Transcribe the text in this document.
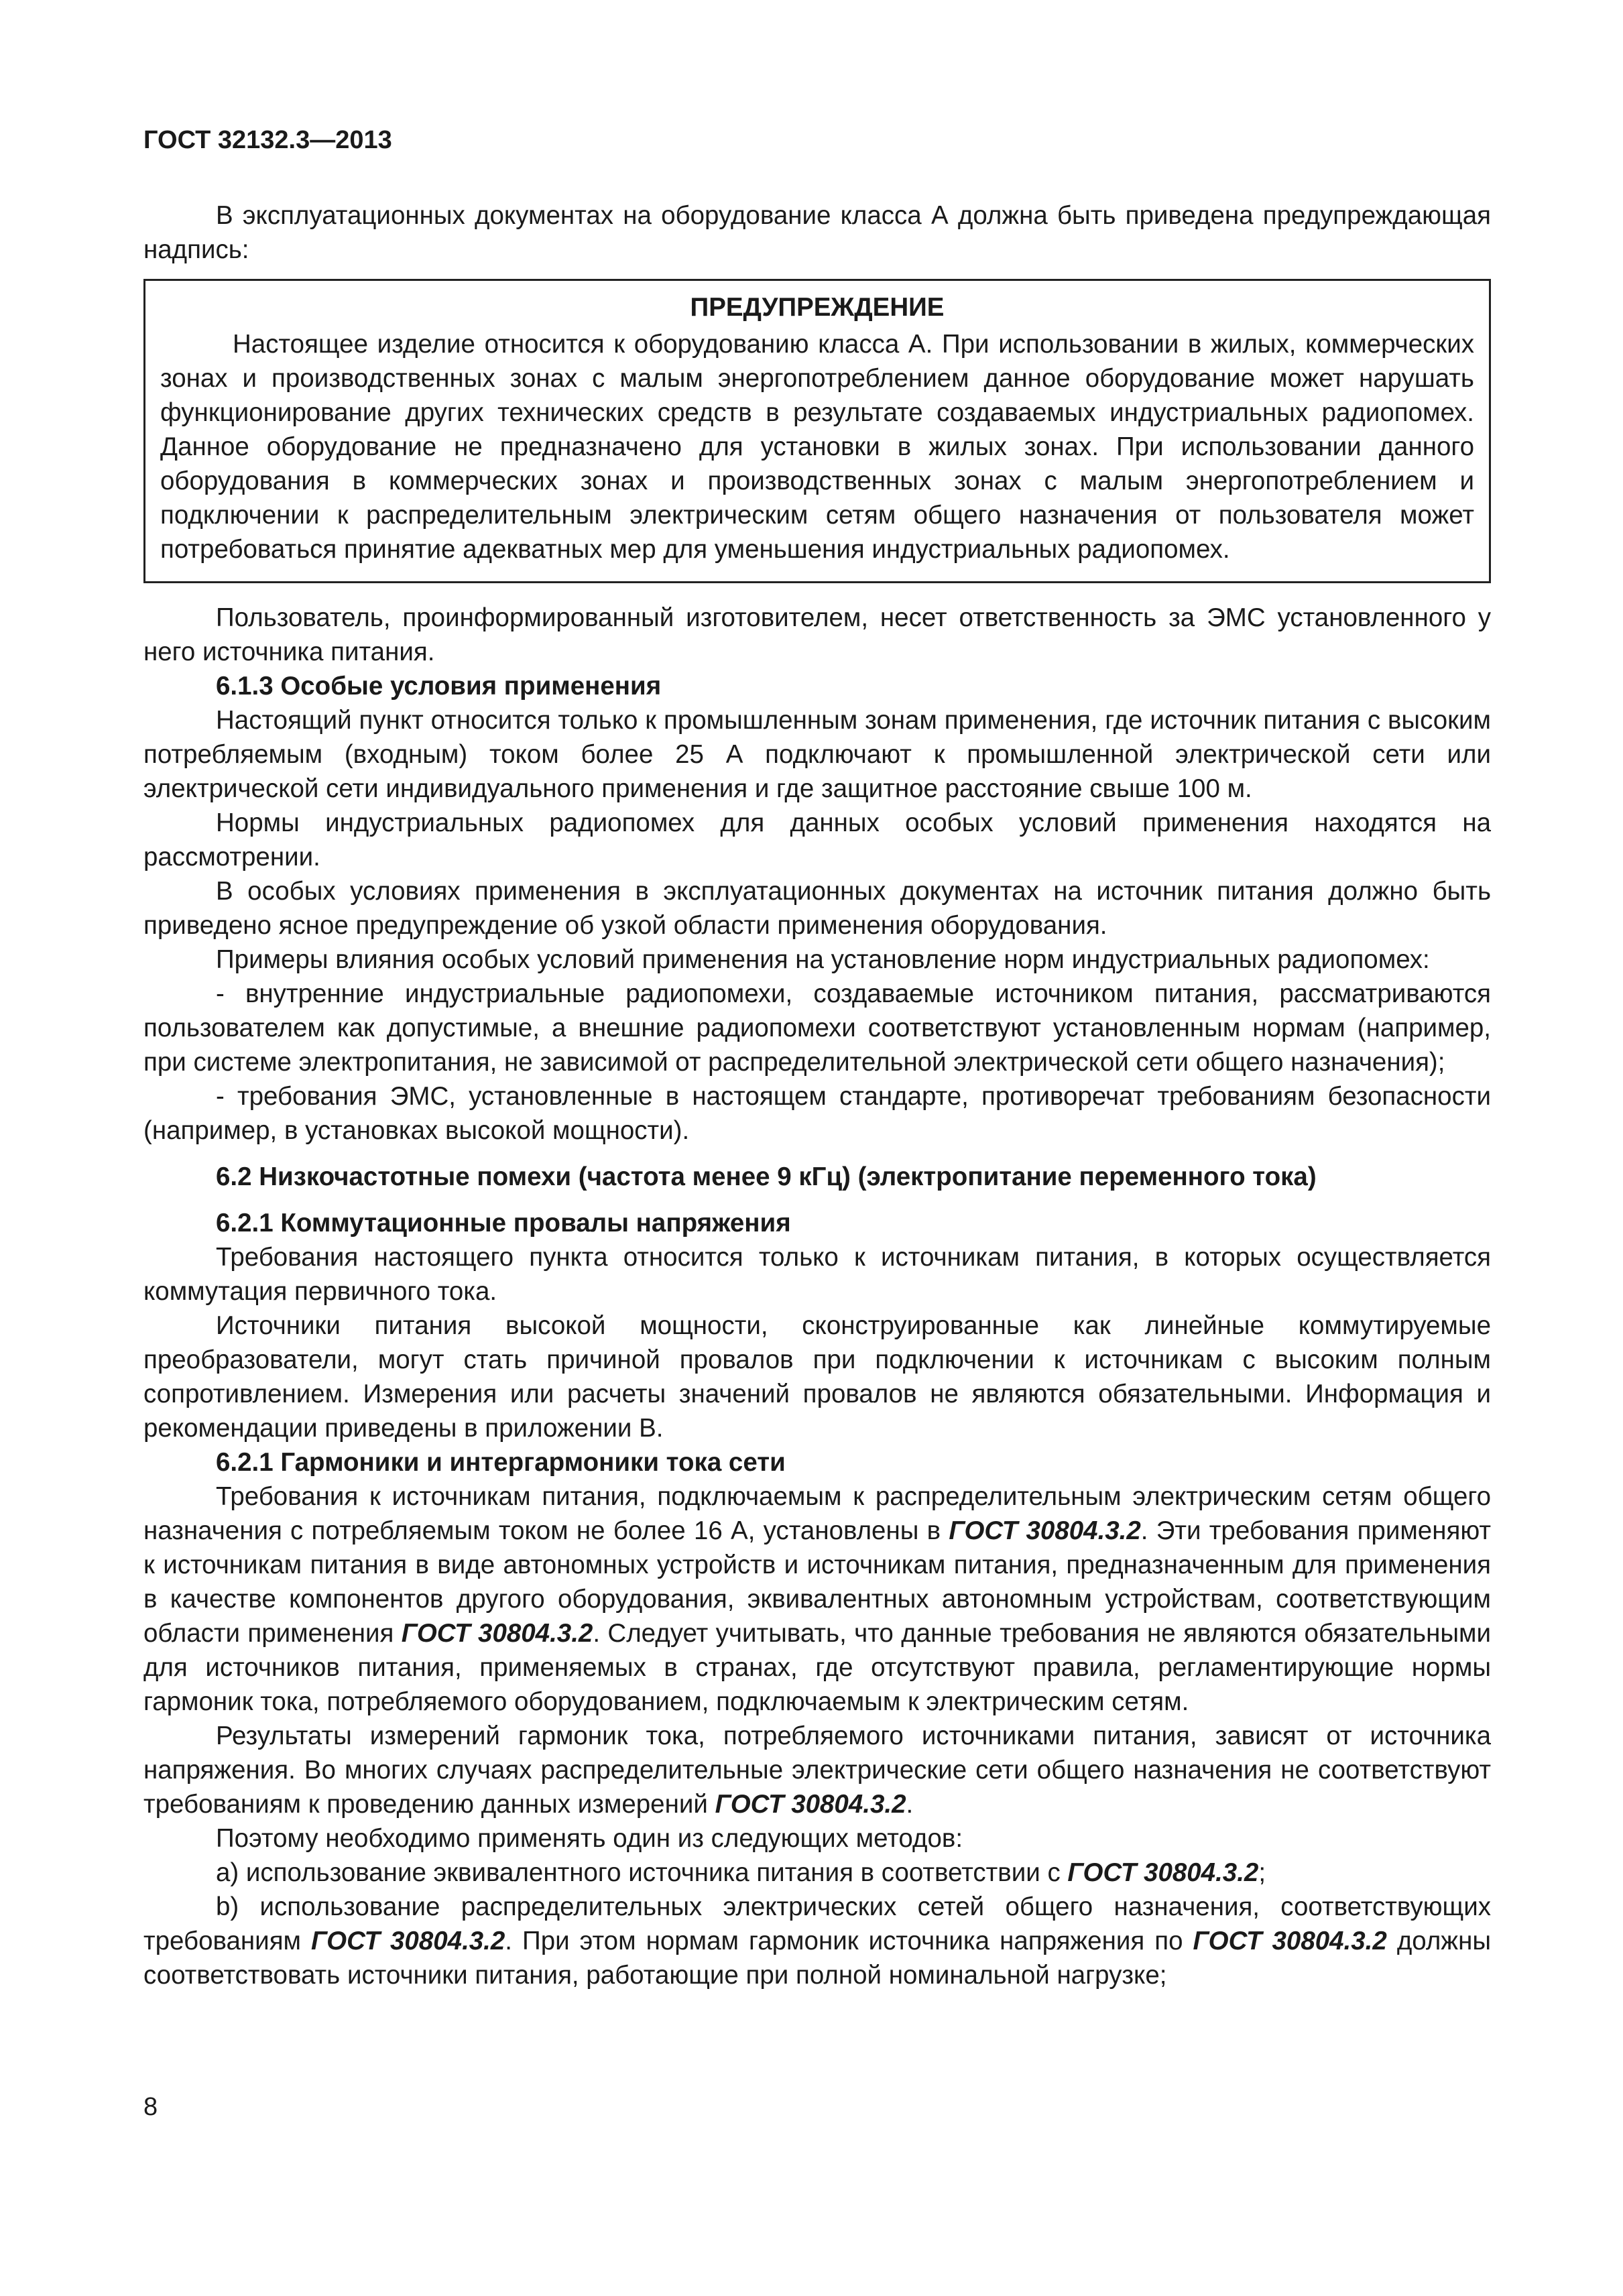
ГОСТ 32132.3—2013

В эксплуатационных документах на оборудование класса А должна быть приведена предупреждающая надпись:

ПРЕДУПРЕЖДЕНИЕ

Настоящее изделие относится к оборудованию класса А. При использовании в жилых, коммерческих зонах и производственных зонах с малым энергопотреблением данное оборудование может нарушать функционирование других технических средств в результате создаваемых индустриальных радиопомех. Данное оборудование не предназначено для установки в жилых зонах. При использовании данного оборудования в коммерческих зонах и производственных зонах с малым энергопотреблением и подключении к распределительным электрическим сетям общего назначения от пользователя может потребоваться принятие адекватных мер для уменьшения индустриальных радиопомех.

Пользователь, проинформированный изготовителем, несет ответственность за ЭМС установленного у него источника питания.

6.1.3 Особые условия применения

Настоящий пункт относится только к промышленным зонам применения, где источник питания с высоким потребляемым (входным) током более 25 А подключают к промышленной электрической сети или электрической сети индивидуального применения и где защитное расстояние свыше 100 м.

Нормы индустриальных радиопомех для данных особых условий применения находятся на рассмотрении.

В особых условиях применения в эксплуатационных документах на источник питания должно быть приведено ясное предупреждение об узкой области применения оборудования.

Примеры влияния особых условий применения на установление норм индустриальных радиопомех:

- внутренние индустриальные радиопомехи, создаваемые источником питания, рассматриваются пользователем как допустимые, а внешние радиопомехи соответствуют установленным нормам (например, при системе электропитания, не зависимой от распределительной электрической сети общего назначения);

- требования ЭМС, установленные в настоящем стандарте, противоречат требованиям безопасности (например, в установках высокой мощности).

6.2 Низкочастотные помехи (частота менее 9 кГц) (электропитание переменного тока)

6.2.1 Коммутационные провалы напряжения

Требования настоящего пункта относится только к источникам питания, в которых осуществляется коммутация первичного тока.

Источники питания высокой мощности, сконструированные как линейные коммутируемые преобразователи, могут стать причиной провалов при подключении к источникам с высоким полным сопротивлением. Измерения или расчеты значений провалов не являются обязательными. Информация и рекомендации приведены в приложении В.

6.2.1 Гармоники и интергармоники тока сети

Требования к источникам питания, подключаемым к распределительным электрическим сетям общего назначения с потребляемым током не более 16 А, установлены в ГОСТ 30804.3.2. Эти требования применяют к источникам питания в виде автономных устройств и источникам питания, предназначенным для применения в качестве компонентов другого оборудования, эквивалентных автономным устройствам, соответствующим области применения ГОСТ 30804.3.2. Следует учитывать, что данные требования не являются обязательными для источников питания, применяемых в странах, где отсутствуют правила, регламентирующие нормы гармоник тока, потребляемого оборудованием, подключаемым к электрическим сетям.

Результаты измерений гармоник тока, потребляемого источниками питания, зависят от источника напряжения. Во многих случаях распределительные электрические сети общего назначения не соответствуют требованиям к проведению данных измерений ГОСТ 30804.3.2.

Поэтому необходимо применять один из следующих методов:

а) использование эквивалентного источника питания в соответствии с ГОСТ 30804.3.2;

b) использование распределительных электрических сетей общего назначения, соответствующих требованиям ГОСТ 30804.3.2. При этом нормам гармоник источника напряжения по ГОСТ 30804.3.2 должны соответствовать источники питания, работающие при полной номинальной нагрузке;

8
